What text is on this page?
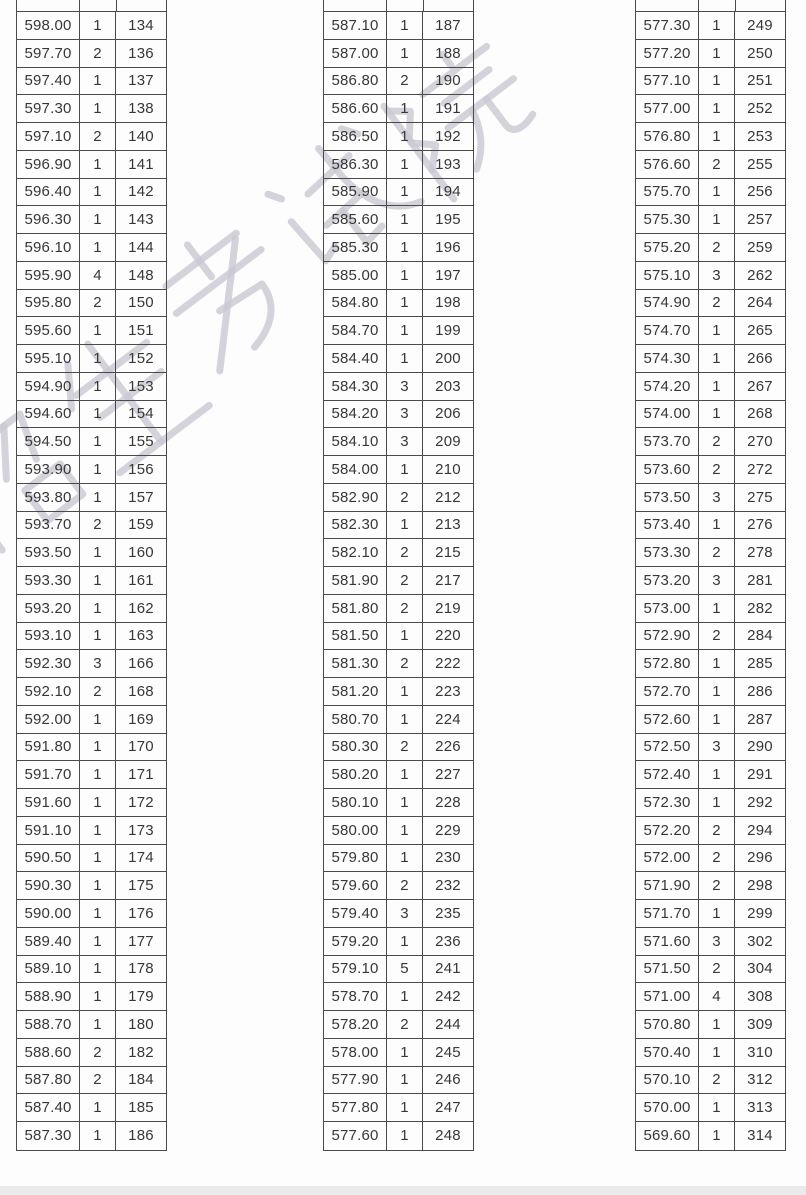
598.00	1	134
597.70	2	136
597.40	1	137
597.30	1	138
597.10	2	140
596.90	1	141
596.40	1	142
596.30	1	143
596.10	1	144
595.90	4	148
595.80	2	150
595.60	1	151
595.10	1	152
594.90	1	153
594.60	1	154
594.50	1	155
593.90	1	156
593.80	1	157
593.70	2	159
593.50	1	160
593.30	1	161
593.20	1	162
593.10	1	163
592.30	3	166
592.10	2	168
592.00	1	169
591.80	1	170
591.70	1	171
591.60	1	172
591.10	1	173
590.50	1	174
590.30	1	175
590.00	1	176
589.40	1	177
589.10	1	178
588.90	1	179
588.70	1	180
588.60	2	182
587.80	2	184
587.40	1	185
587.30	1	186
587.10	1	187
587.00	1	188
586.80	2	190
586.60	1	191
586.50	1	192
586.30	1	193
585.90	1	194
585.60	1	195
585.30	1	196
585.00	1	197
584.80	1	198
584.70	1	199
584.40	1	200
584.30	3	203
584.20	3	206
584.10	3	209
584.00	1	210
582.90	2	212
582.30	1	213
582.10	2	215
581.90	2	217
581.80	2	219
581.50	1	220
581.30	2	222
581.20	1	223
580.70	1	224
580.30	2	226
580.20	1	227
580.10	1	228
580.00	1	229
579.80	1	230
579.60	2	232
579.40	3	235
579.20	1	236
579.10	5	241
578.70	1	242
578.20	2	244
578.00	1	245
577.90	1	246
577.80	1	247
577.60	1	248
577.30	1	249
577.20	1	250
577.10	1	251
577.00	1	252
576.80	1	253
576.60	2	255
575.70	1	256
575.30	1	257
575.20	2	259
575.10	3	262
574.90	2	264
574.70	1	265
574.30	1	266
574.20	1	267
574.00	1	268
573.70	2	270
573.60	2	272
573.50	3	275
573.40	1	276
573.30	2	278
573.20	3	281
573.00	1	282
572.90	2	284
572.80	1	285
572.70	1	286
572.60	1	287
572.50	3	290
572.40	1	291
572.30	1	292
572.20	2	294
572.00	2	296
571.90	2	298
571.70	1	299
571.60	3	302
571.50	2	304
571.00	4	308
570.80	1	309
570.40	1	310
570.10	2	312
570.00	1	313
569.60	1	314
